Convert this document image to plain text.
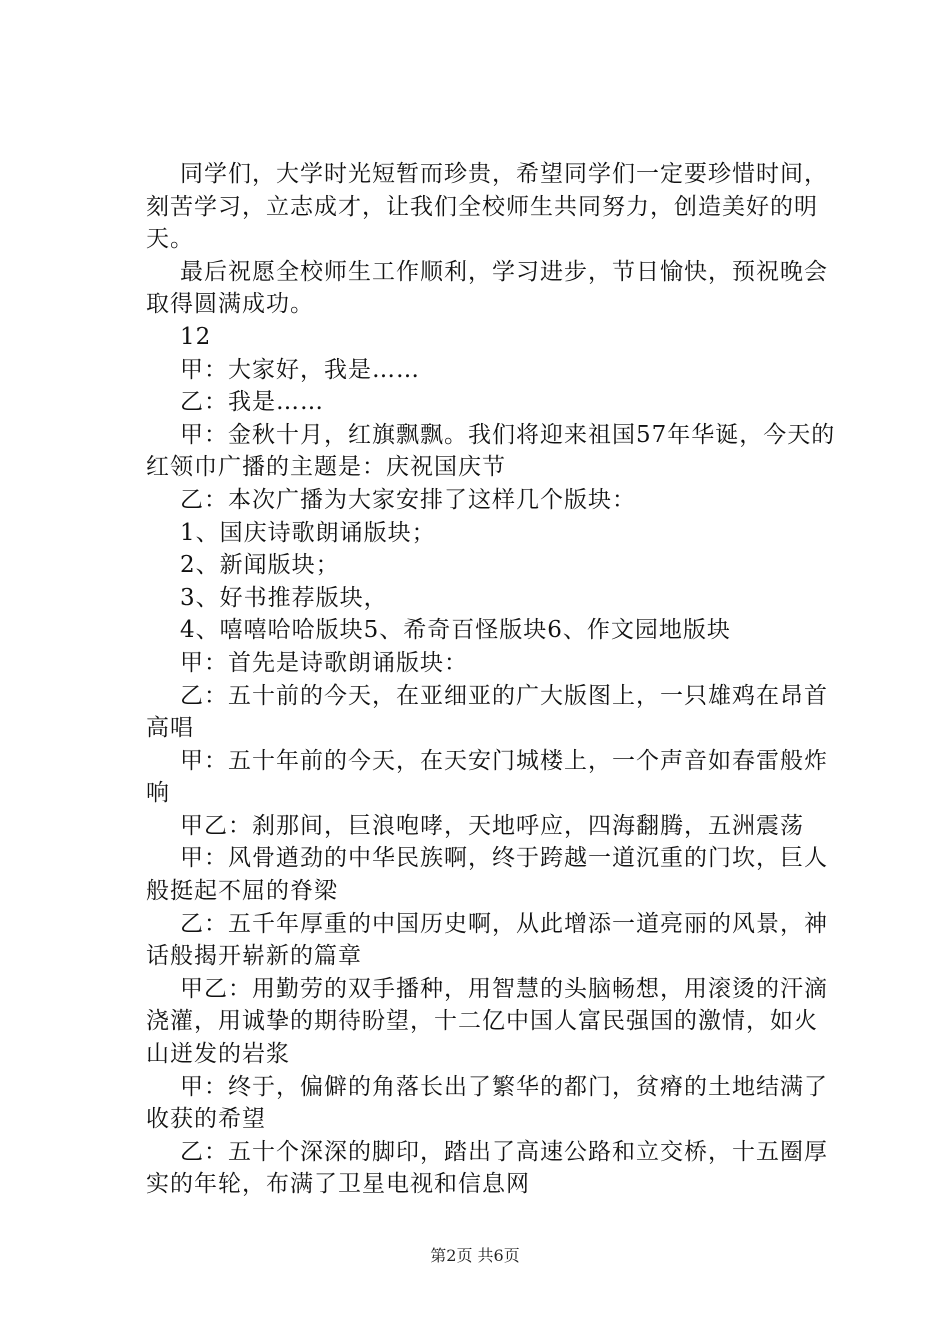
同学们，大学时光短暂而珍贵，希望同学们一定要珍惜时间，刻苦学习，立志成才，让我们全校师生共同努力，创造美好的明天。

最后祝愿全校师生工作顺利，学习进步，节日愉快，预祝晚会取得圆满成功。

12

甲：大家好，我是……

乙：我是……

甲：金秋十月，红旗飘飘。我们将迎来祖国57年华诞，今天的红领巾广播的主题是：庆祝国庆节

乙：本次广播为大家安排了这样几个版块：

1、国庆诗歌朗诵版块；

2、新闻版块；

3、好书推荐版块，

4、嘻嘻哈哈版块5、希奇百怪版块6、作文园地版块

甲：首先是诗歌朗诵版块：

乙：五十前的今天，在亚细亚的广大版图上，一只雄鸡在昂首高唱

甲：五十年前的今天，在天安门城楼上，一个声音如春雷般炸响

甲乙：刹那间，巨浪咆哮，天地呼应，四海翻腾，五洲震荡

甲：风骨遒劲的中华民族啊，终于跨越一道沉重的门坎，巨人般挺起不屈的脊梁

乙：五千年厚重的中国历史啊，从此增添一道亮丽的风景，神话般揭开崭新的篇章

甲乙：用勤劳的双手播种，用智慧的头脑畅想，用滚烫的汗滴浇灌，用诚挚的期待盼望，十二亿中国人富民强国的激情，如火山迸发的岩浆

甲：终于，偏僻的角落长出了繁华的都门，贫瘠的土地结满了收获的希望

乙：五十个深深的脚印，踏出了高速公路和立交桥，十五圈厚实的年轮，布满了卫星电视和信息网

第2页 共6页
